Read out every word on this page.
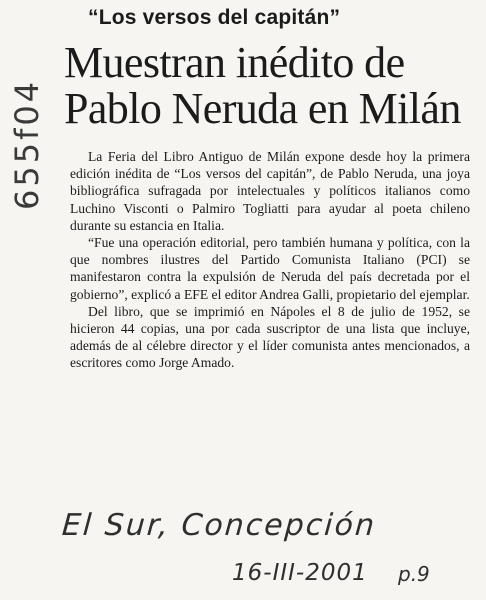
“Los versos del capitán”
Muestran inédito de
Pablo Neruda en Milán

La Feria del Libro Antiguo de Milán expone desde hoy la primera edición inédita de “Los versos del capitán”, de Pablo Neruda, una joya bibliográfica sufragada por intelectuales y políticos italianos como Luchino Visconti o Palmiro Togliatti para ayudar al poeta chileno durante su estancia en Italia.

“Fue una operación editorial, pero también humana y política, con la que nombres ilustres del Partido Comunista Italiano (PCI) se manifestaron contra la expulsión de Neruda del país decretada por el gobierno”, explicó a EFE el editor Andrea Galli, propietario del ejemplar.

Del libro, que se imprimió en Nápoles el 8 de julio de 1952, se hicieron 44 copias, una por cada suscriptor de una lista que incluye, además de al célebre director y el líder comunista antes mencionados, a escritores como Jorge Amado.

655f04
El Sur, Concepción
16-III-2001 p.9
